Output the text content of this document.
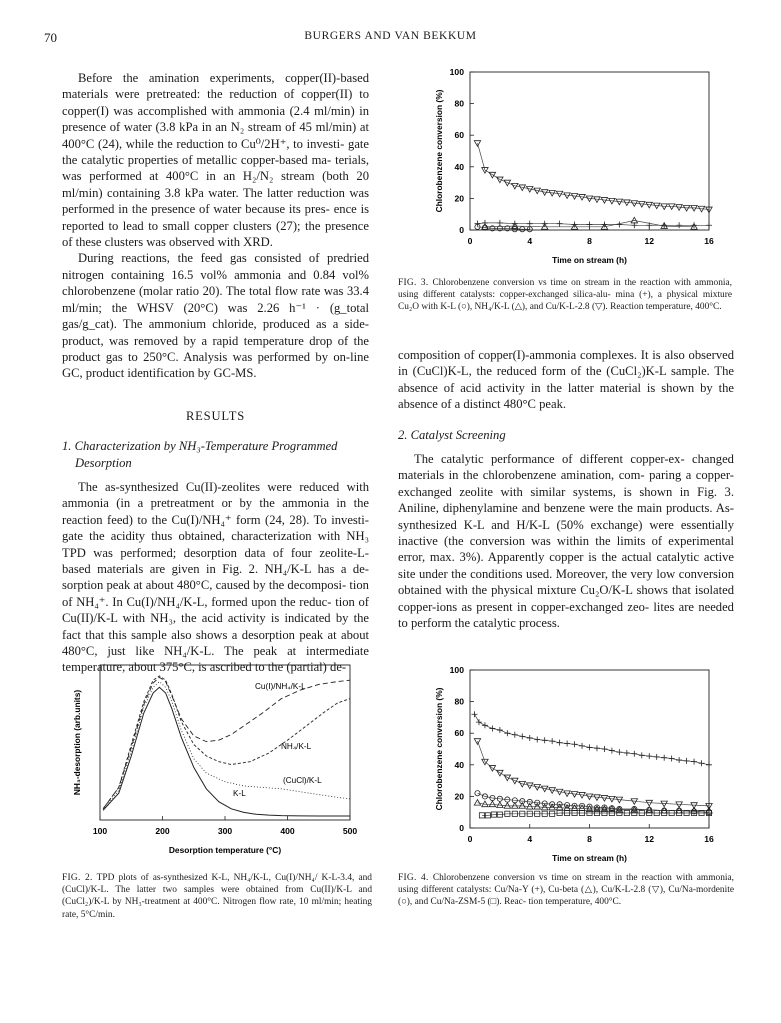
70	BURGERS AND VAN BEKKUM

Before the amination experiments, copper(II)-based materials were pretreated: the reduction of copper(II) to copper(I) was accomplished with ammonia (2.4 ml/min) in presence of water (3.8 kPa in an N₂ stream of 45 ml/min) at 400°C (24), while the reduction to Cu⁰/2H⁺, to investi- gate the catalytic properties of metallic copper-based ma- terials, was performed at 400°C in an H₂/N₂ stream (both 20 ml/min) containing 3.8 kPa water. The latter reduction was performed in the presence of water because its pres- ence is reported to lead to small copper clusters (27); the presence of these clusters was observed with XRD.

During reactions, the feed gas consisted of predried nitrogen containing 16.5 vol% ammonia and 0.84 vol% chlorobenzene (molar ratio 20). The total flow rate was 33.4 ml/min; the WHSV (20°C) was 2.26 h⁻¹ · (g_total gas/g_cat). The ammonium chloride, produced as a side-product, was removed by a rapid temperature drop of the product gas to 250°C. Analysis was performed by on-line GC, product identification by GC-MS.

RESULTS

1. Characterization by NH₃-Temperature Programmed
Desorption

The as-synthesized Cu(II)-zeolites were reduced with ammonia (in a pretreatment or by the ammonia in the reaction feed) to the Cu(I)/NH₄⁺ form (24, 28). To investi- gate the acidity thus obtained, characterization with NH₃ TPD was performed; desorption data of four zeolite-L- based materials are given in Fig. 2. NH₄/K-L has a de- sorption peak at about 480°C, caused by the decomposi- tion of NH₄⁺. In Cu(I)/NH₄/K-L, formed upon the reduc- tion of Cu(II)/K-L with NH₃, the acid activity is indicated by the fact that this sample also shows a desorption peak at about 480°C, just like NH₄/K-L. The peak at intermediate temperature, about 375°C, is ascribed to the (partial) de-

0
20
40
60
80
100
0	4	8	12	16
Chlorobenzene conversion (%)
Time on stream (h)
FIG. 3. Chlorobenzene conversion vs time on stream in the reaction with ammonia, using different catalysts: copper-exchanged silica-alu- mina (+), a physical mixture Cu₂O with K-L (○), NH₄/K-L (△), and Cu/K-L-2.8 (▽). Reaction temperature, 400°C.

composition of copper(I)-ammonia complexes. It is also observed in (CuCl)K-L, the reduced form of the (CuCl₂)K-L sample. The absence of acid activity in the latter material is shown by the absence of a distinct 480°C peak.

2. Catalyst Screening

The catalytic performance of different copper-ex- changed materials in the chlorobenzene amination, com- paring a copper-exchanged zeolite with similar systems, is shown in Fig. 3. Aniline, diphenylamine and benzene were the main products. As-synthesized K-L and H/K-L (50% exchange) were essentially inactive (the conversion was within the limits of experimental error, max. 3%). Apparently copper is the actual catalytic active site under the conditions used. Moreover, the very low conversion obtained with the physical mixture Cu₂O/K-L shows that isolated copper-ions as present in copper-exchanged zeo- lites are needed to perform the catalytic process.

100	200	300	400	500
Cu(I)/NH₄/K-L
NH₄/K-L
(CuCl)/K-L
K-L
NH₃-desorption (arb.units)
Desorption temperature (°C)
FIG. 2. TPD plots of as-synthesized K-L, NH₄/K-L, Cu(I)/NH₄/ K-L-3.4, and (CuCl)/K-L. The latter two samples were obtained from Cu(II)/K-L and (CuCl₂)/K-L by NH₃-treatment at 400°C. Nitrogen flow rate, 10 ml/min; heating rate, 5°C/min.
0
20
40
60
80
100
0	4	8	12	16
Chlorobenzene conversion (%)
Time on stream (h)
FIG. 4. Chlorobenzene conversion vs time on stream in the reaction with ammonia, using different catalysts: Cu/Na-Y (+), Cu-beta (△), Cu/K-L-2.8 (▽), Cu/Na-mordenite (○), and Cu/Na-ZSM-5 (□). Reac- tion temperature, 400°C.
